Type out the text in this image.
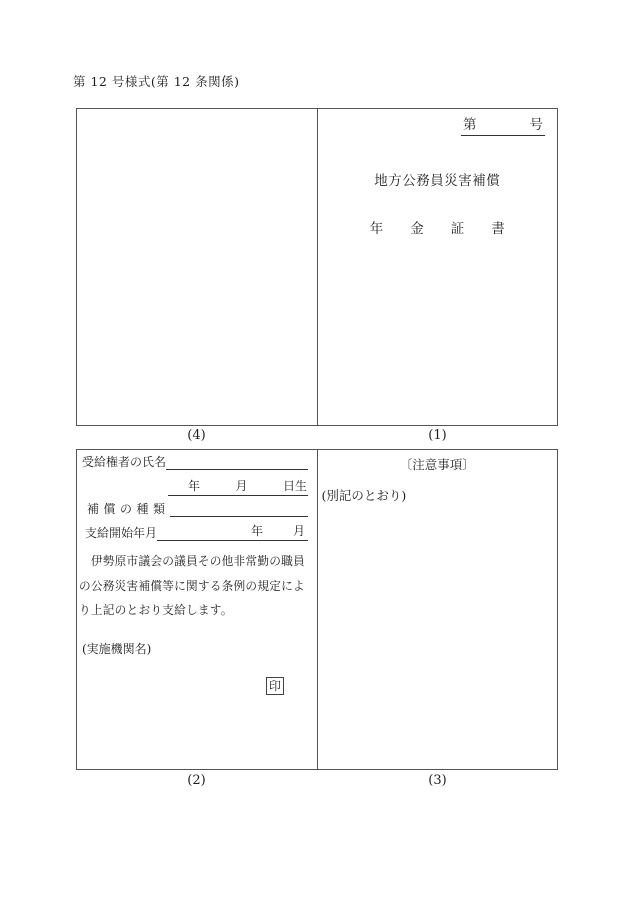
第 12 号様式(第 12 条関係)
第	号
地方公務員災害補償
年　　金　　証　　書
(4)	(1)
受給権者の氏名
年	月	日生
補償の種類
支給開始年月	年	月
　伊勢原市議会の議員その他非常勤の職員
の公務災害補償等に関する条例の規定によ
り上記のとおり支給します。
(実施機関名)
印
〔注意事項〕
(別記のとおり)
(2)	(3)
